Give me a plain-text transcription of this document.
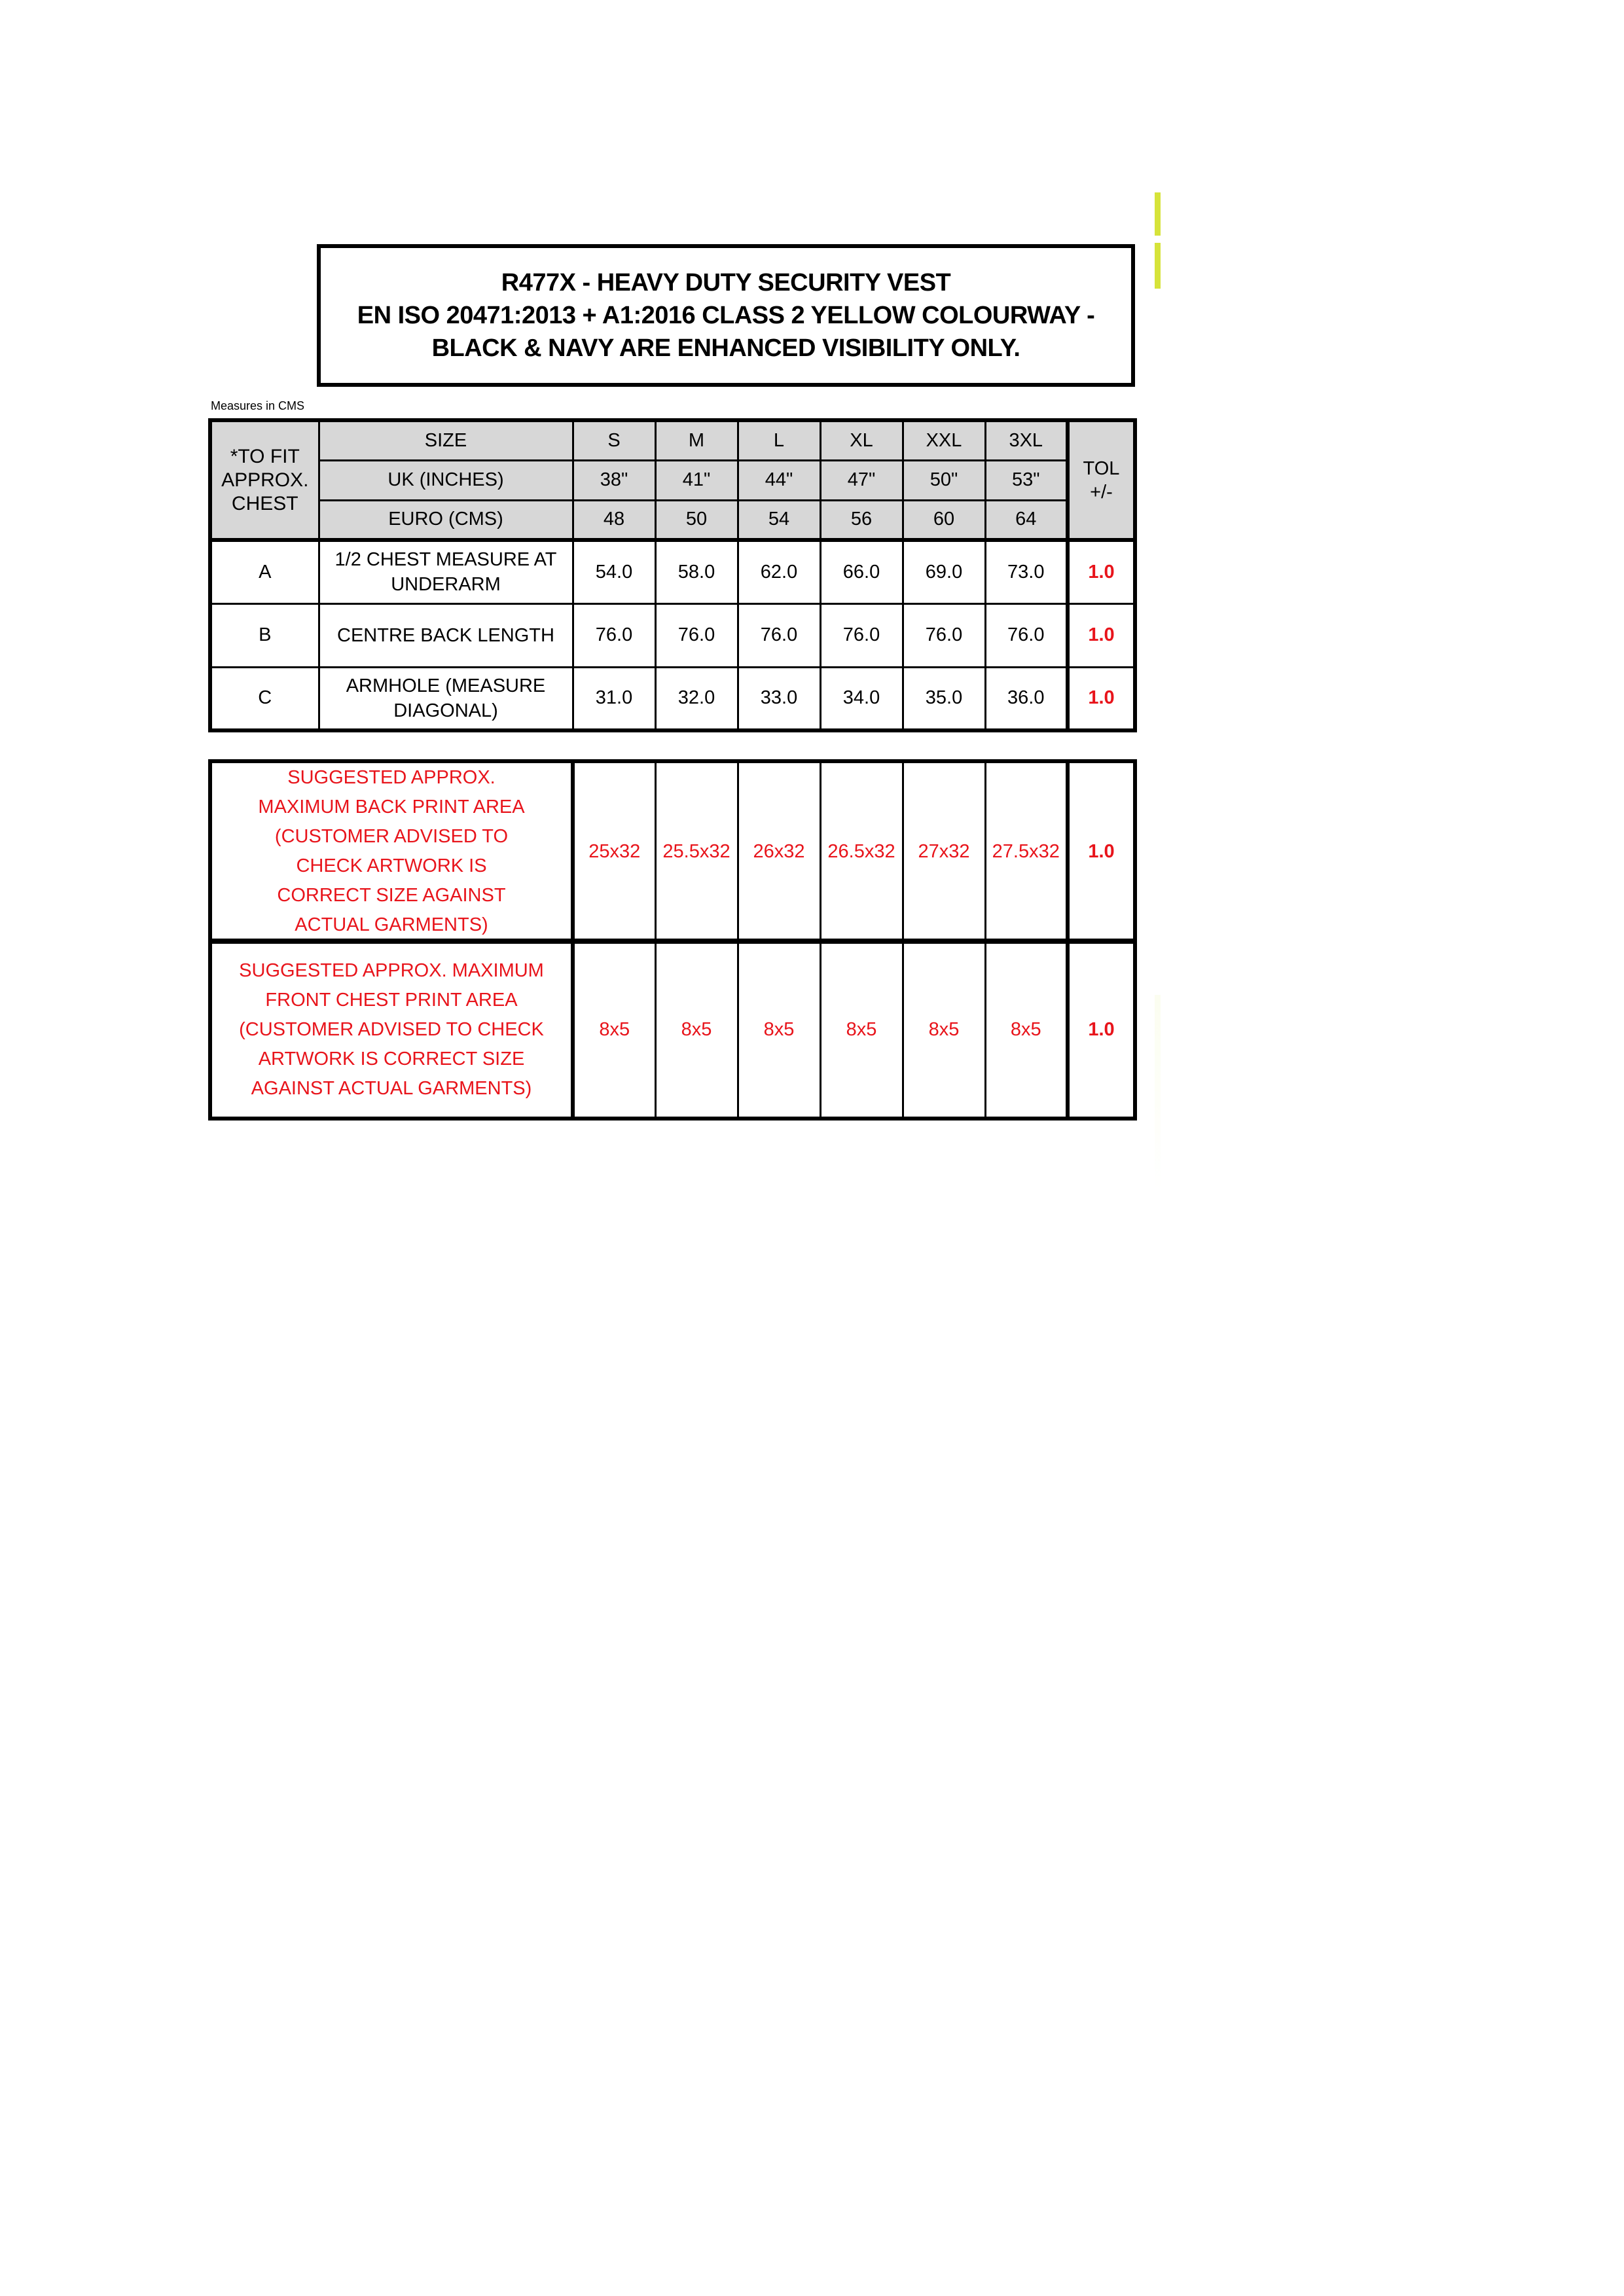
R477X - HEAVY DUTY SECURITY VEST
EN ISO 20471:2013 + A1:2016 CLASS 2 YELLOW COLOURWAY -
BLACK & NAVY ARE ENHANCED VISIBILITY ONLY.
Measures in CMS
*TO FIT APPROX. CHEST	SIZE	S	M	L	XL	XXL	3XL	TOL +/-
	UK (INCHES)	38"	41"	44"	47"	50"	53"	
	EURO (CMS)	48	50	54	56	60	64	
A	1/2 CHEST MEASURE AT UNDERARM	54.0	58.0	62.0	66.0	69.0	73.0	1.0
B	CENTRE BACK LENGTH	76.0	76.0	76.0	76.0	76.0	76.0	1.0
C	ARMHOLE (MEASURE DIAGONAL)	31.0	32.0	33.0	34.0	35.0	36.0	1.0
SUGGESTED APPROX. MAXIMUM BACK PRINT AREA (CUSTOMER ADVISED TO CHECK ARTWORK IS CORRECT SIZE AGAINST ACTUAL GARMENTS)	25x32	25.5x32	26x32	26.5x32	27x32	27.5x32	1.0
SUGGESTED APPROX. MAXIMUM FRONT CHEST PRINT AREA (CUSTOMER ADVISED TO CHECK ARTWORK IS CORRECT SIZE AGAINST ACTUAL GARMENTS)	8x5	8x5	8x5	8x5	8x5	8x5	1.0
